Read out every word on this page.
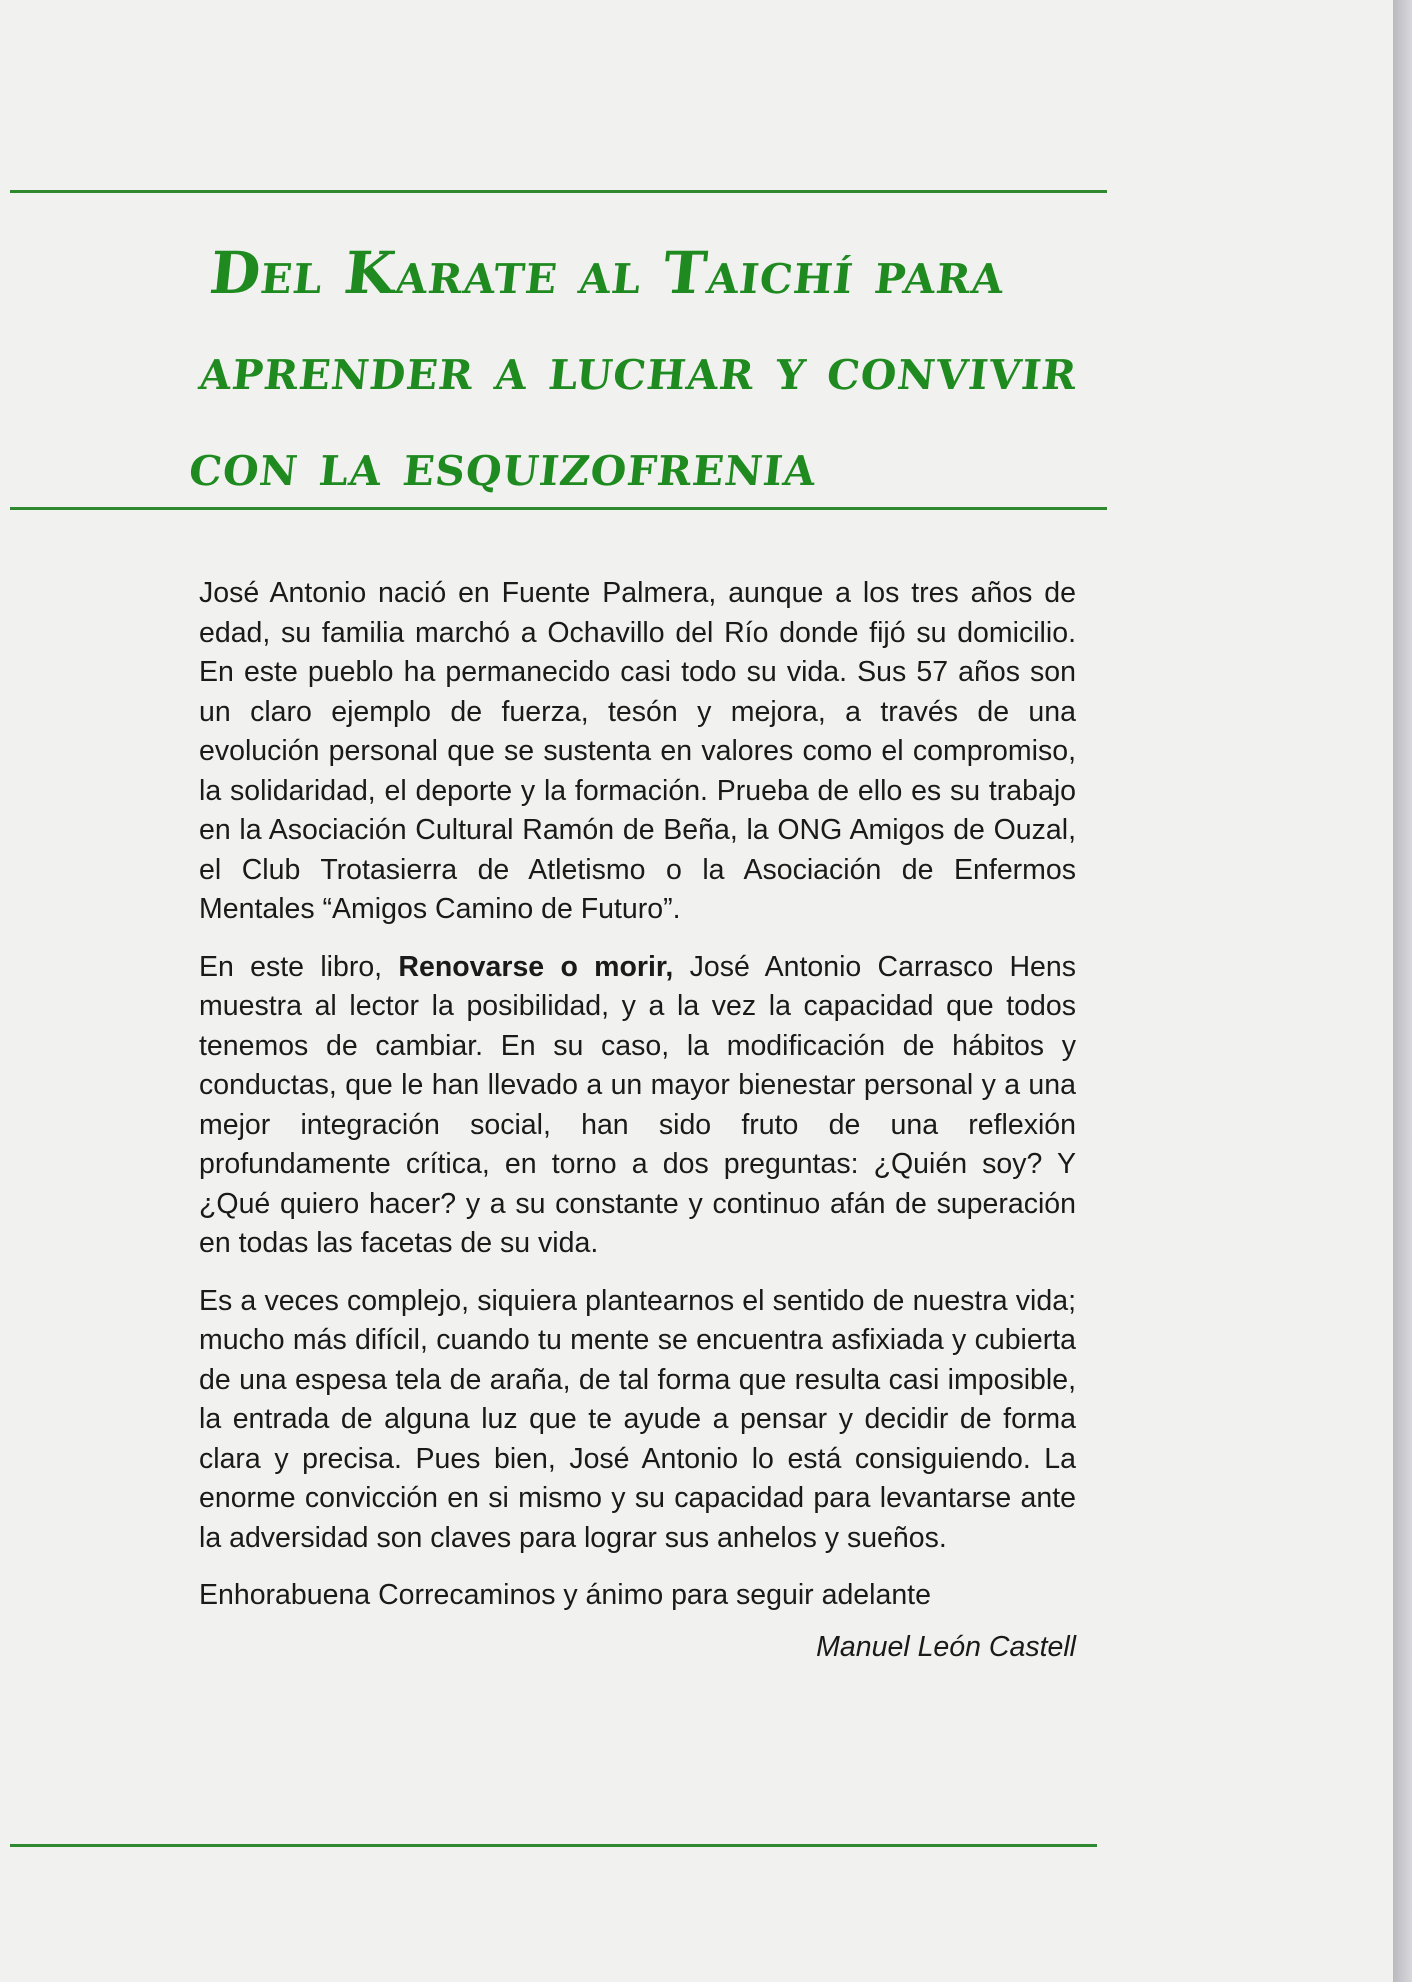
Del Karate al Taichí para
aprender a luchar y convivir
con la esquizofrenia

José Antonio nació en Fuente Palmera, aunque a los tres años de edad, su familia marchó a Ochavillo del Río donde fijó su domicilio. En este pueblo ha permanecido casi todo su vida. Sus 57 años son un claro ejemplo de fuerza, tesón y mejora, a través de una evolución personal que se sustenta en valores como el compromiso, la solidaridad, el deporte y la formación. Prueba de ello es su trabajo en la Asociación Cultural Ramón de Beña, la ONG Amigos de Ouzal, el Club Trotasierra de Atletismo o la Asociación de Enfermos Mentales “Amigos Camino de Futuro”.

En este libro, Renovarse o morir, José Antonio Carrasco Hens muestra al lector la posibilidad, y a la vez la capacidad que todos tenemos de cambiar. En su caso, la modificación de hábitos y conductas, que le han llevado a un mayor bienestar personal y a una mejor integración social, han sido fruto de una reflexión profundamente crítica, en torno a dos preguntas: ¿Quién soy? Y ¿Qué quiero hacer? y a su constante y continuo afán de superación en todas las facetas de su vida.

Es a veces complejo, siquiera plantearnos el sentido de nuestra vida; mucho más difícil, cuando tu mente se encuentra asfixiada y cubierta de una espesa tela de araña, de tal forma que resulta casi imposible, la entrada de alguna luz que te ayude a pensar y decidir de forma clara y precisa. Pues bien, José Antonio lo está consiguiendo. La enorme convicción en si mismo y su capacidad para levantarse ante la adversidad son claves para lograr sus anhelos y sueños.

Enhorabuena Correcaminos y ánimo para seguir adelante

Manuel León Castell
